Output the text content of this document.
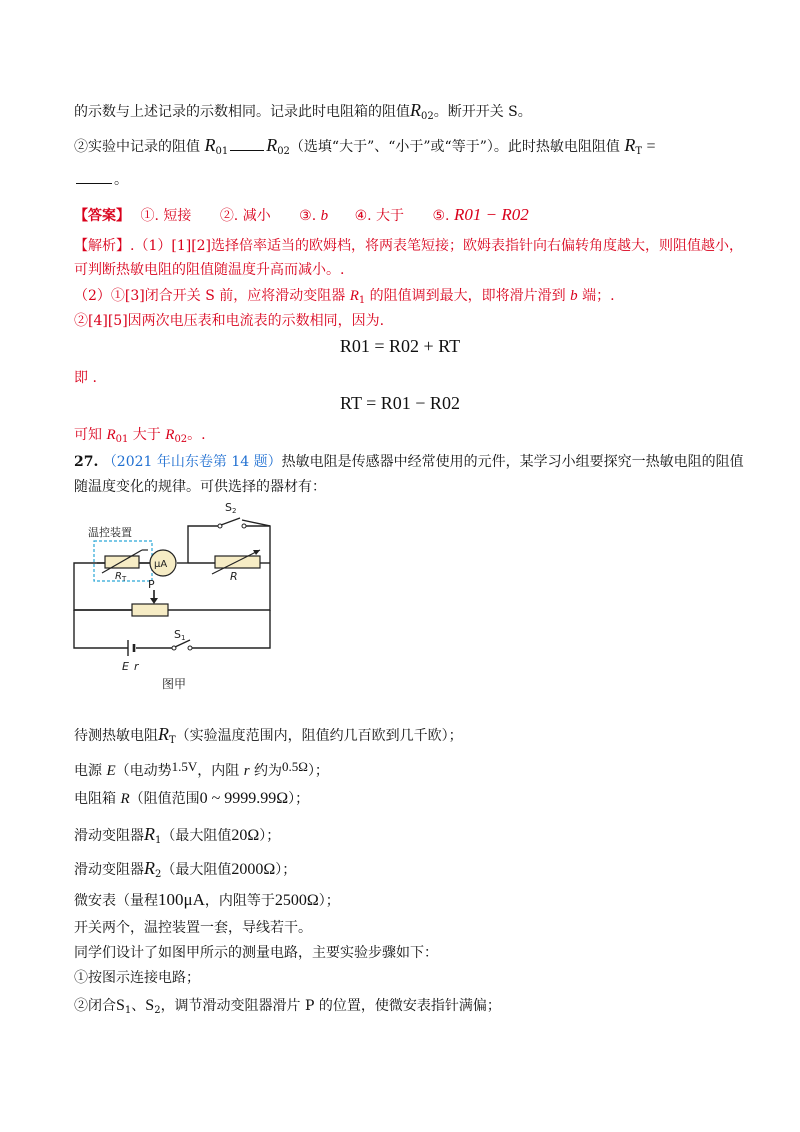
的示数与上述记录的示数相同。记录此时电阻箱的阻值$R_{02}$。断开开关 S。
②实验中记录的阻值 $R_{01}$ $R_{02}$（选填“大于”、“小于”或“等于”）。此时热敏电阻阻值 $R_T$ =
。
【答案】 ①. 短接 ②. 减小 ③. b ④. 大于 ⑤. R01 − R02
【解析】.（1）[1][2]选择倍率适当的欧姆档，将两表笔短接；欧姆表指针向右偏转角度越大，则阻值越小，
可判断热敏电阻的阻值随温度升高而减小。.
（2）①[3]闭合开关 S 前，应将滑动变阻器 $R_1$ 的阻值调到最大，即将滑片滑到 b 端；.
②[4][5]因两次电压表和电流表的示数相同，因为.
R01 = R02 + RT
即 .
RT = R01 − R02
可知 $R_{01}$ 大于 $R_{02}$。.
27. （2021 年山东卷第 14 题）热敏电阻是传感器中经常使用的元件，某学习小组要探究一热敏电阻的阻值
随温度变化的规律。可供选择的器材有：
温控装置
$R_T$
μA
R
S2
P
E r
S1
图甲
待测热敏电阻$R_T$（实验温度范围内，阻值约几百欧到几千欧）；
电源 E（电动势1.5V，内阻 r 约为0.5Ω）；
电阻箱 R（阻值范围0 ~ 9999.99Ω）；
滑动变阻器$R_1$（最大阻值20Ω）；
滑动变阻器$R_2$（最大阻值2000Ω）；
微安表（量程100μA，内阻等于2500Ω）；
开关两个，温控装置一套，导线若干。
同学们设计了如图甲所示的测量电路，主要实验步骤如下：
①按图示连接电路；
②闭合$S_1$、$S_2$，调节滑动变阻器滑片 P 的位置，使微安表指针满偏；
